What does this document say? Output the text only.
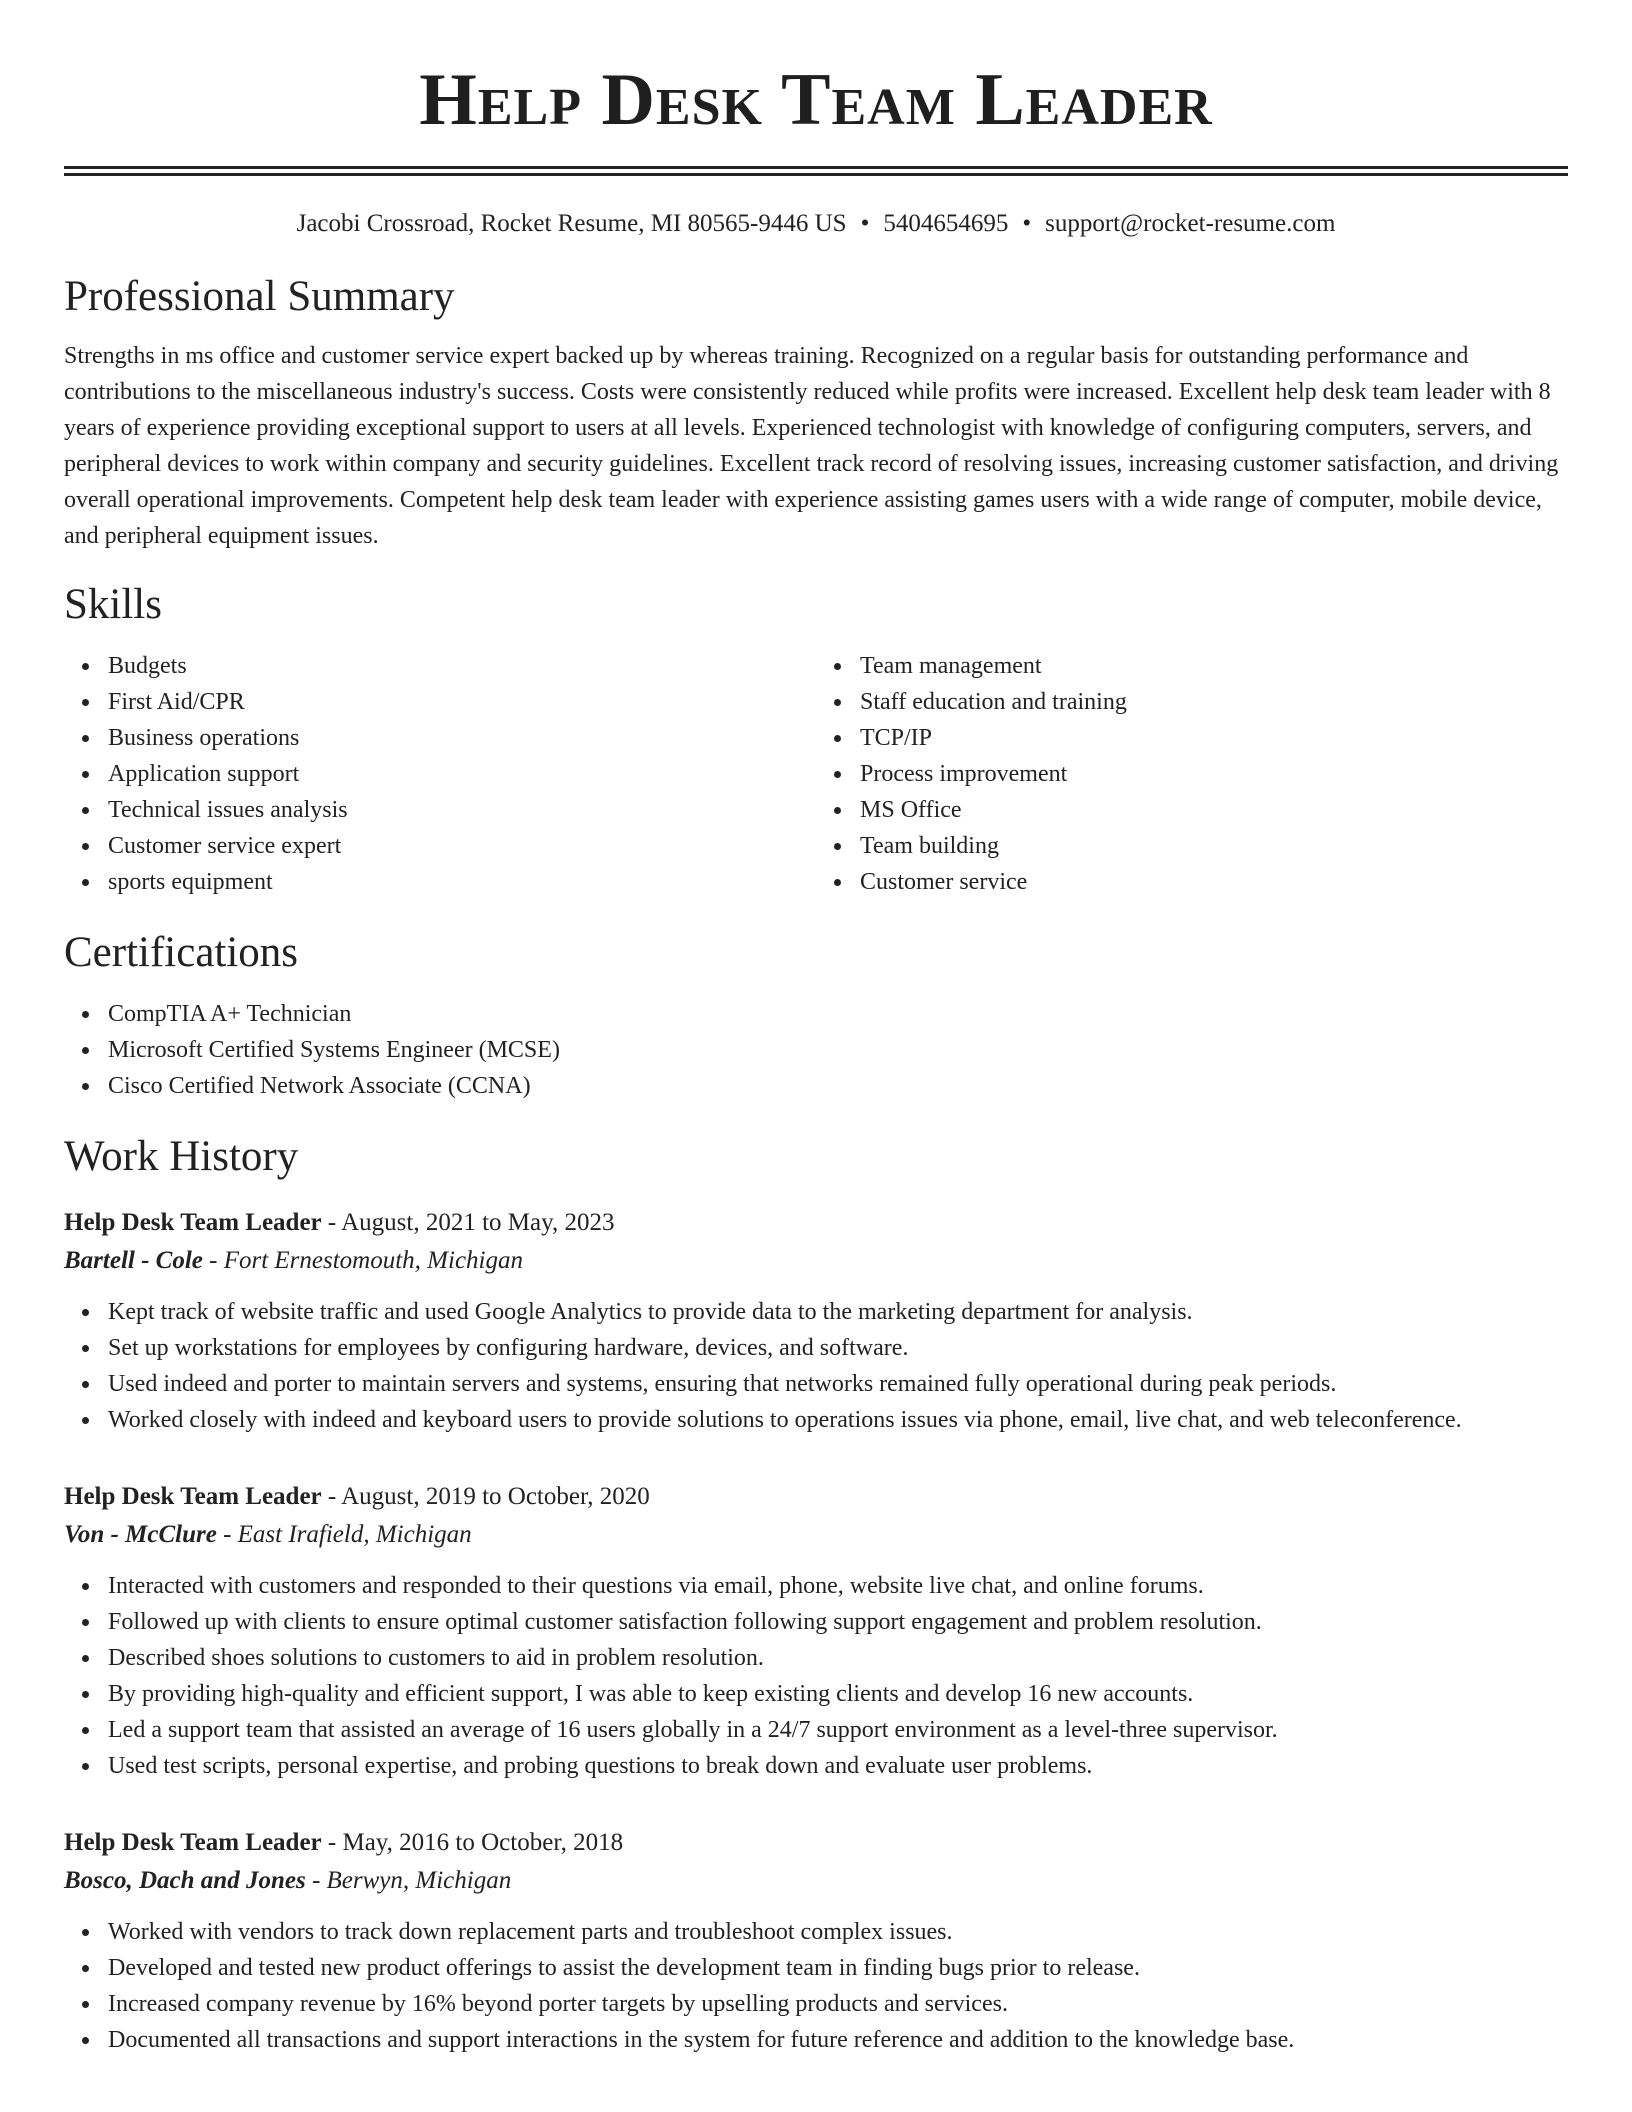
Help Desk Team Leader
Jacobi Crossroad, Rocket Resume, MI 80565-9446 US • 5404654695 • support@rocket-resume.com
Professional Summary
Strengths in ms office and customer service expert backed up by whereas training. Recognized on a regular basis for outstanding performance and contributions to the miscellaneous industry's success. Costs were consistently reduced while profits were increased. Excellent help desk team leader with 8 years of experience providing exceptional support to users at all levels. Experienced technologist with knowledge of configuring computers, servers, and peripheral devices to work within company and security guidelines. Excellent track record of resolving issues, increasing customer satisfaction, and driving overall operational improvements. Competent help desk team leader with experience assisting games users with a wide range of computer, mobile device, and peripheral equipment issues.
Skills
Budgets
First Aid/CPR
Business operations
Application support
Technical issues analysis
Customer service expert
sports equipment
Team management
Staff education and training
TCP/IP
Process improvement
MS Office
Team building
Customer service
Certifications
CompTIA A+ Technician
Microsoft Certified Systems Engineer (MCSE)
Cisco Certified Network Associate (CCNA)
Work History
Help Desk Team Leader - August, 2021 to May, 2023
Bartell - Cole - Fort Ernestomouth, Michigan
Kept track of website traffic and used Google Analytics to provide data to the marketing department for analysis.
Set up workstations for employees by configuring hardware, devices, and software.
Used indeed and porter to maintain servers and systems, ensuring that networks remained fully operational during peak periods.
Worked closely with indeed and keyboard users to provide solutions to operations issues via phone, email, live chat, and web teleconference.
Help Desk Team Leader - August, 2019 to October, 2020
Von - McClure - East Irafield, Michigan
Interacted with customers and responded to their questions via email, phone, website live chat, and online forums.
Followed up with clients to ensure optimal customer satisfaction following support engagement and problem resolution.
Described shoes solutions to customers to aid in problem resolution.
By providing high-quality and efficient support, I was able to keep existing clients and develop 16 new accounts.
Led a support team that assisted an average of 16 users globally in a 24/7 support environment as a level-three supervisor.
Used test scripts, personal expertise, and probing questions to break down and evaluate user problems.
Help Desk Team Leader - May, 2016 to October, 2018
Bosco, Dach and Jones - Berwyn, Michigan
Worked with vendors to track down replacement parts and troubleshoot complex issues.
Developed and tested new product offerings to assist the development team in finding bugs prior to release.
Increased company revenue by 16% beyond porter targets by upselling products and services.
Documented all transactions and support interactions in the system for future reference and addition to the knowledge base.
